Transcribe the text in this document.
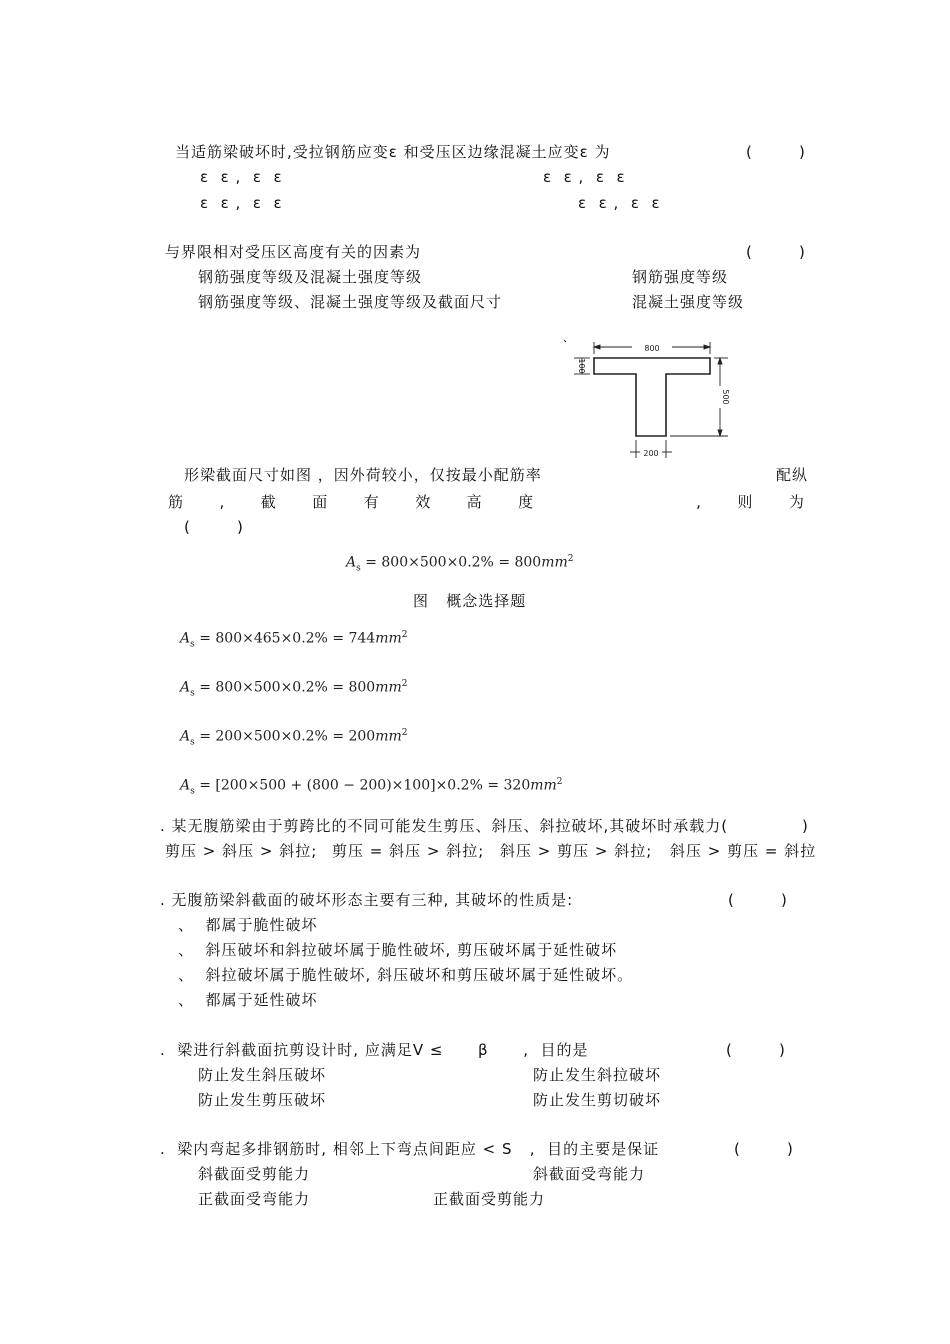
当适筋梁破坏时,受拉钢筋应变ε 和受压区边缘混凝土应变ε 为	(        )
ε  ε ,  ε  ε	ε  ε ,  ε  ε
ε  ε ,  ε  ε	ε  ε ,  ε  ε
与界限相对受压区高度有关的因素为	(        )
钢筋强度等级及混凝土强度等级	钢筋强度等级
钢筋强度等级、混凝土强度等级及截面尺寸	混凝土强度等级
800
100
500
200
形梁截面尺寸如图 ，因外荷较小，仅按最小配筋率	配纵
筋 , 截 面 有 效 高 度	, 则 为
(        )
$A_s = 800\times 500\times 0.2\% = 800mm^2$
图   概念选择题
$A_s = 800\times 465\times 0.2\% = 744mm^2$
$A_s = 800\times 500\times 0.2\% = 800mm^2$
$A_s = 200\times 500\times 0.2\% = 200mm^2$
$A_s = [200\times 500 + (800 - 200)\times 100]\times 0.2\% = 320mm^2$
. 某无腹筋梁由于剪跨比的不同可能发生剪压、斜压、斜拉破坏,其破坏时承载力(	)
剪压 > 斜压 > 斜拉; 剪压 = 斜压 > 斜拉; 斜压 > 剪压 > 斜拉; 斜压 > 剪压 = 斜拉
. 无腹筋梁斜截面的破坏形态主要有三种, 其破坏的性质是:	(        )
、  都属于脆性破坏
、  斜压破坏和斜拉破坏属于脆性破坏, 剪压破坏属于延性破坏
、  斜拉破坏属于脆性破坏, 斜压破坏和剪压破坏属于延性破坏。
、  都属于延性破坏
.  梁进行斜截面抗剪设计时, 应满足V ≤      β      ,  目的是	(        )
防止发生斜压破坏	防止发生斜拉破坏
防止发生剪压破坏	防止发生剪切破坏
.  梁内弯起多排钢筋时, 相邻上下弯点间距应 < S   ,  目的主要是保证	(        )
斜截面受剪能力	斜截面受弯能力
正截面受弯能力	正截面受剪能力
